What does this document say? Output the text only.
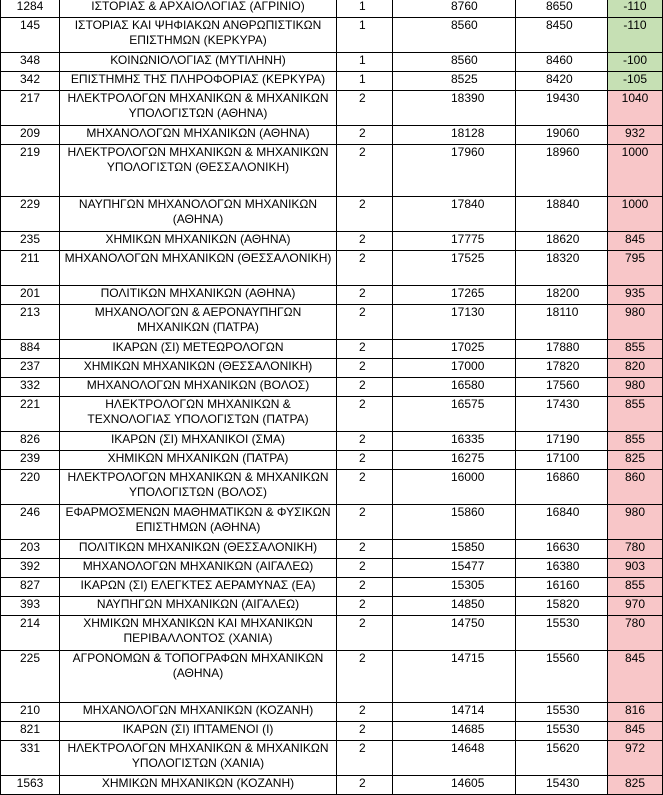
1284	ΙΣΤΟΡΙΑΣ & ΑΡΧΑΙΟΛΟΓΙΑΣ (ΑΓΡΙΝΙΟ)	1	8760	8650	-110
145	ΙΣΤΟΡΙΑΣ ΚΑΙ ΨΗΦΙΑΚΩΝ ΑΝΘΡΩΠΙΣΤΙΚΩΝ ΕΠΙΣΤΗΜΩΝ (ΚΕΡΚΥΡΑ)	1	8560	8450	-110
348	ΚΟΙΝΩΝΙΟΛΟΓΙΑΣ (ΜΥΤΙΛΗΝΗ)	1	8560	8460	-100
342	ΕΠΙΣΤΗΜΗΣ ΤΗΣ ΠΛΗΡΟΦΟΡΙΑΣ (ΚΕΡΚΥΡΑ)	1	8525	8420	-105
217	ΗΛΕΚΤΡΟΛΟΓΩΝ ΜΗΧΑΝΙΚΩΝ & ΜΗΧΑΝΙΚΩΝ ΥΠΟΛΟΓΙΣΤΩΝ (ΑΘΗΝΑ)	2	18390	19430	1040
209	ΜΗΧΑΝΟΛΟΓΩΝ ΜΗΧΑΝΙΚΩΝ (ΑΘΗΝΑ)	2	18128	19060	932
219	ΗΛΕΚΤΡΟΛΟΓΩΝ ΜΗΧΑΝΙΚΩΝ & ΜΗΧΑΝΙΚΩΝ ΥΠΟΛΟΓΙΣΤΩΝ (ΘΕΣΣΑΛΟΝΙΚΗ)	2	17960	18960	1000
229	ΝΑΥΠΗΓΩΝ ΜΗΧΑΝΟΛΟΓΩΝ ΜΗΧΑΝΙΚΩΝ (ΑΘΗΝΑ)	2	17840	18840	1000
235	ΧΗΜΙΚΩΝ ΜΗΧΑΝΙΚΩΝ (ΑΘΗΝΑ)	2	17775	18620	845
211	ΜΗΧΑΝΟΛΟΓΩΝ ΜΗΧΑΝΙΚΩΝ (ΘΕΣΣΑΛΟΝΙΚΗ)	2	17525	18320	795
201	ΠΟΛΙΤΙΚΩΝ ΜΗΧΑΝΙΚΩΝ (ΑΘΗΝΑ)	2	17265	18200	935
213	ΜΗΧΑΝΟΛΟΓΩΝ & ΑΕΡΟΝΑΥΠΗΓΩΝ ΜΗΧΑΝΙΚΩΝ (ΠΑΤΡΑ)	2	17130	18110	980
884	ΙΚΑΡΩΝ (ΣΙ) ΜΕΤΕΩΡΟΛΟΓΩΝ	2	17025	17880	855
237	ΧΗΜΙΚΩΝ ΜΗΧΑΝΙΚΩΝ (ΘΕΣΣΑΛΟΝΙΚΗ)	2	17000	17820	820
332	ΜΗΧΑΝΟΛΟΓΩΝ ΜΗΧΑΝΙΚΩΝ (ΒΟΛΟΣ)	2	16580	17560	980
221	ΗΛΕΚΤΡΟΛΟΓΩΝ ΜΗΧΑΝΙΚΩΝ & ΤΕΧΝΟΛΟΓΙΑΣ ΥΠΟΛΟΓΙΣΤΩΝ (ΠΑΤΡΑ)	2	16575	17430	855
826	ΙΚΑΡΩΝ (ΣΙ) ΜΗΧΑΝΙΚΟΙ (ΣΜΑ)	2	16335	17190	855
239	ΧΗΜΙΚΩΝ ΜΗΧΑΝΙΚΩΝ (ΠΑΤΡΑ)	2	16275	17100	825
220	ΗΛΕΚΤΡΟΛΟΓΩΝ ΜΗΧΑΝΙΚΩΝ & ΜΗΧΑΝΙΚΩΝ ΥΠΟΛΟΓΙΣΤΩΝ (ΒΟΛΟΣ)	2	16000	16860	860
246	ΕΦΑΡΜΟΣΜΕΝΩΝ ΜΑΘΗΜΑΤΙΚΩΝ & ΦΥΣΙΚΩΝ ΕΠΙΣΤΗΜΩΝ (ΑΘΗΝΑ)	2	15860	16840	980
203	ΠΟΛΙΤΙΚΩΝ ΜΗΧΑΝΙΚΩΝ (ΘΕΣΣΑΛΟΝΙΚΗ)	2	15850	16630	780
392	ΜΗΧΑΝΟΛΟΓΩΝ ΜΗΧΑΝΙΚΩΝ (ΑΙΓΑΛΕΩ)	2	15477	16380	903
827	ΙΚΑΡΩΝ (ΣΙ) ΕΛΕΓΚΤΕΣ ΑΕΡΑΜΥΝΑΣ (ΕΑ)	2	15305	16160	855
393	ΝΑΥΠΗΓΩΝ ΜΗΧΑΝΙΚΩΝ (ΑΙΓΑΛΕΩ)	2	14850	15820	970
214	ΧΗΜΙΚΩΝ ΜΗΧΑΝΙΚΩΝ ΚΑΙ ΜΗΧΑΝΙΚΩΝ ΠΕΡΙΒΑΛΛΟΝΤΟΣ (ΧΑΝΙΑ)	2	14750	15530	780
225	ΑΓΡΟΝΟΜΩΝ & ΤΟΠΟΓΡΑΦΩΝ ΜΗΧΑΝΙΚΩΝ (ΑΘΗΝΑ)	2	14715	15560	845
210	ΜΗΧΑΝΟΛΟΓΩΝ ΜΗΧΑΝΙΚΩΝ (ΚΟΖΑΝΗ)	2	14714	15530	816
821	ΙΚΑΡΩΝ (ΣΙ) ΙΠΤΑΜΕΝΟΙ (Ι)	2	14685	15530	845
331	ΗΛΕΚΤΡΟΛΟΓΩΝ ΜΗΧΑΝΙΚΩΝ & ΜΗΧΑΝΙΚΩΝ ΥΠΟΛΟΓΙΣΤΩΝ (ΧΑΝΙΑ)	2	14648	15620	972
1563	ΧΗΜΙΚΩΝ ΜΗΧΑΝΙΚΩΝ (ΚΟΖΑΝΗ)	2	14605	15430	825
